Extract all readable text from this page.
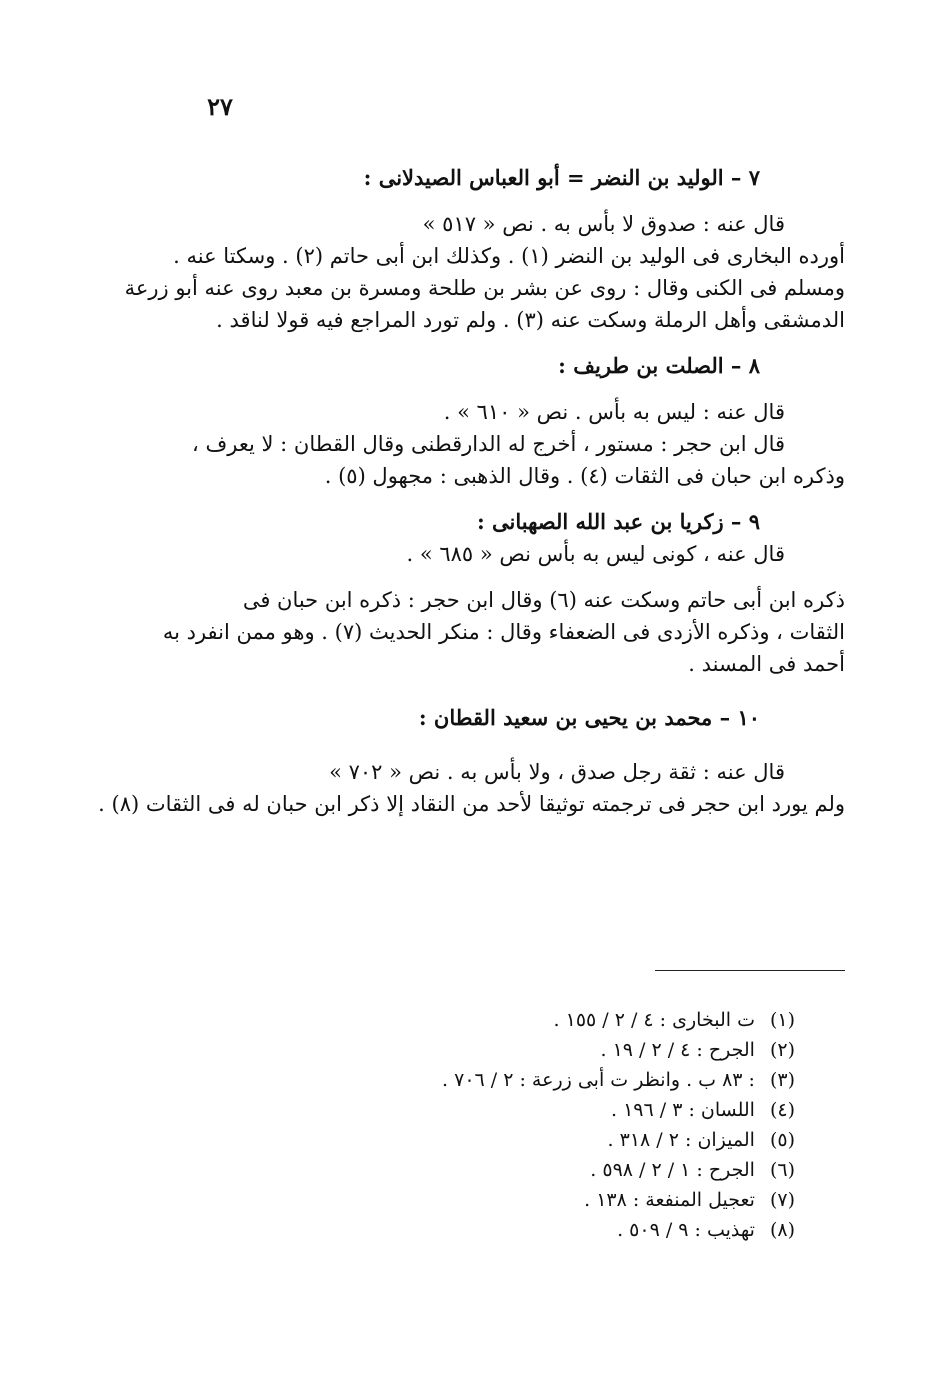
٢٧
٧ – الوليد بن النضر = أبو العباس الصيدلانى :
قال عنه : صدوق لا بأس به . نص « ٥١٧ »
أورده البخارى فى الوليد بن النضر (١) . وكذلك ابن أبى حاتم (٢) . وسكتا عنه .
ومسلم فى الكنى وقال : روى عن بشر بن طلحة ومسرة بن معبد روى عنه أبو زرعة
الدمشقى وأهل الرملة وسكت عنه (٣) . ولم تورد المراجع فيه قولا لناقد .
٨ – الصلت بن طريف :
قال عنه : ليس به بأس . نص « ٦١٠ » .
قال ابن حجر : مستور ، أخرج له الدارقطنى وقال القطان : لا يعرف ،
وذكره ابن حبان فى الثقات (٤) . وقال الذهبى : مجهول (٥) .
٩ – زكريا بن عبد الله الصهبانى :
قال عنه ، كونى ليس به بأس نص « ٦٨٥ » .
ذكره ابن أبى حاتم وسكت عنه (٦) وقال ابن حجر : ذكره ابن حبان فى
الثقات ، وذكره الأزدى فى الضعفاء وقال : منكر الحديث (٧) . وهو ممن انفرد به
أحمد فى المسند .
١٠ – محمد بن يحيى بن سعيد القطان :
قال عنه : ثقة رجل صدق ، ولا بأس به . نص « ٧٠٢ »
ولم يورد ابن حجر فى ترجمته توثيقا لأحد من النقاد إلا ذكر ابن حبان له فى الثقات (٨) .
(١) ت البخارى : ٤ / ٢ / ١٥٥ .
(٢) الجرح : ٤ / ٢ / ١٩ .
(٣) : ٨٣ ب . وانظر ت أبى زرعة : ٢ / ٧٠٦ .
(٤) اللسان : ٣ / ١٩٦ .
(٥) الميزان : ٢ / ٣١٨ .
(٦) الجرح : ١ / ٢ / ٥٩٨ .
(٧) تعجيل المنفعة : ١٣٨ .
(٨) تهذيب : ٩ / ٥٠٩ .
